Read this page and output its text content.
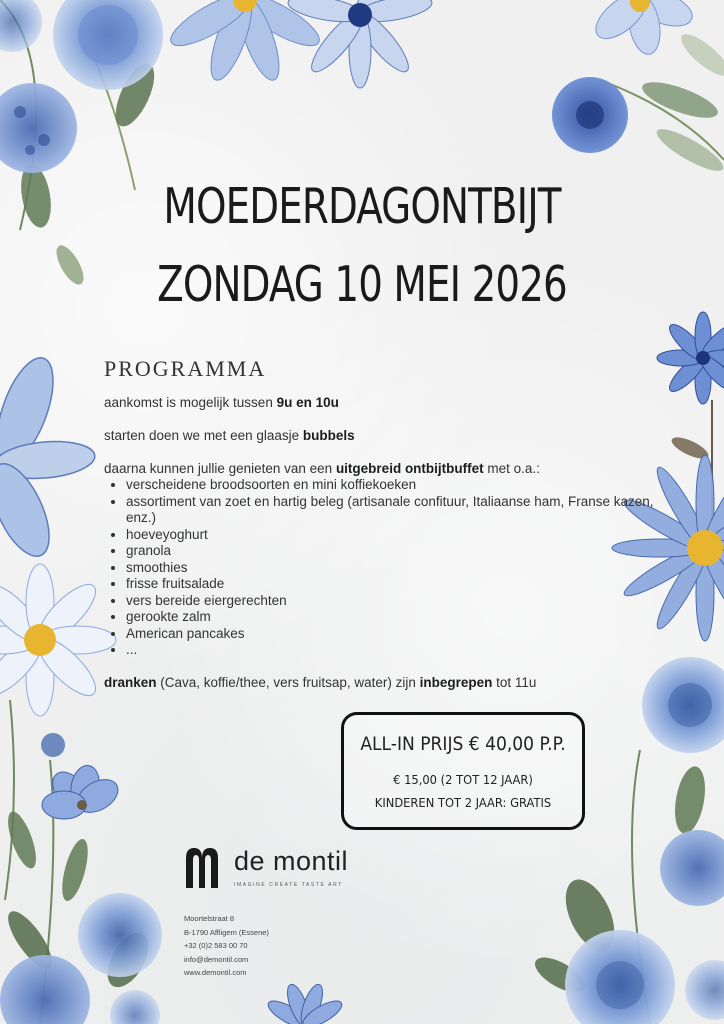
MOEDERDAGONTBIJT
ZONDAG 10 MEI 2026
PROGRAMMA

aankomst is mogelijk tussen 9u en 10u

starten doen we met een glaasje bubbels

daarna kunnen jullie genieten van een uitgebreid ontbijtbuffet met o.a.:

• verscheidene broodsoorten en mini koffiekoeken
• assortiment van zoet en hartig beleg (artisanale confituur, Italiaanse ham, Franse kazen, enz.)
• hoeveyoghurt
• granola
• smoothies
• frisse fruitsalade
• vers bereide eiergerechten
• gerookte zalm
• American pancakes
• ...

dranken (Cava, koffie/thee, vers fruitsap, water) zijn inbegrepen tot 11u

ALL-IN PRIJS € 40,00 P.P.
€ 15,00 (2 TOT 12 JAAR)
KINDEREN TOT 2 JAAR: GRATIS
de montil
IMAGINE CREATE TASTE ART
Moortelstraat 8
B-1790 Affligem (Essene)
+32 (0)2 583 00 70
info@demontil.com
www.demontil.com
